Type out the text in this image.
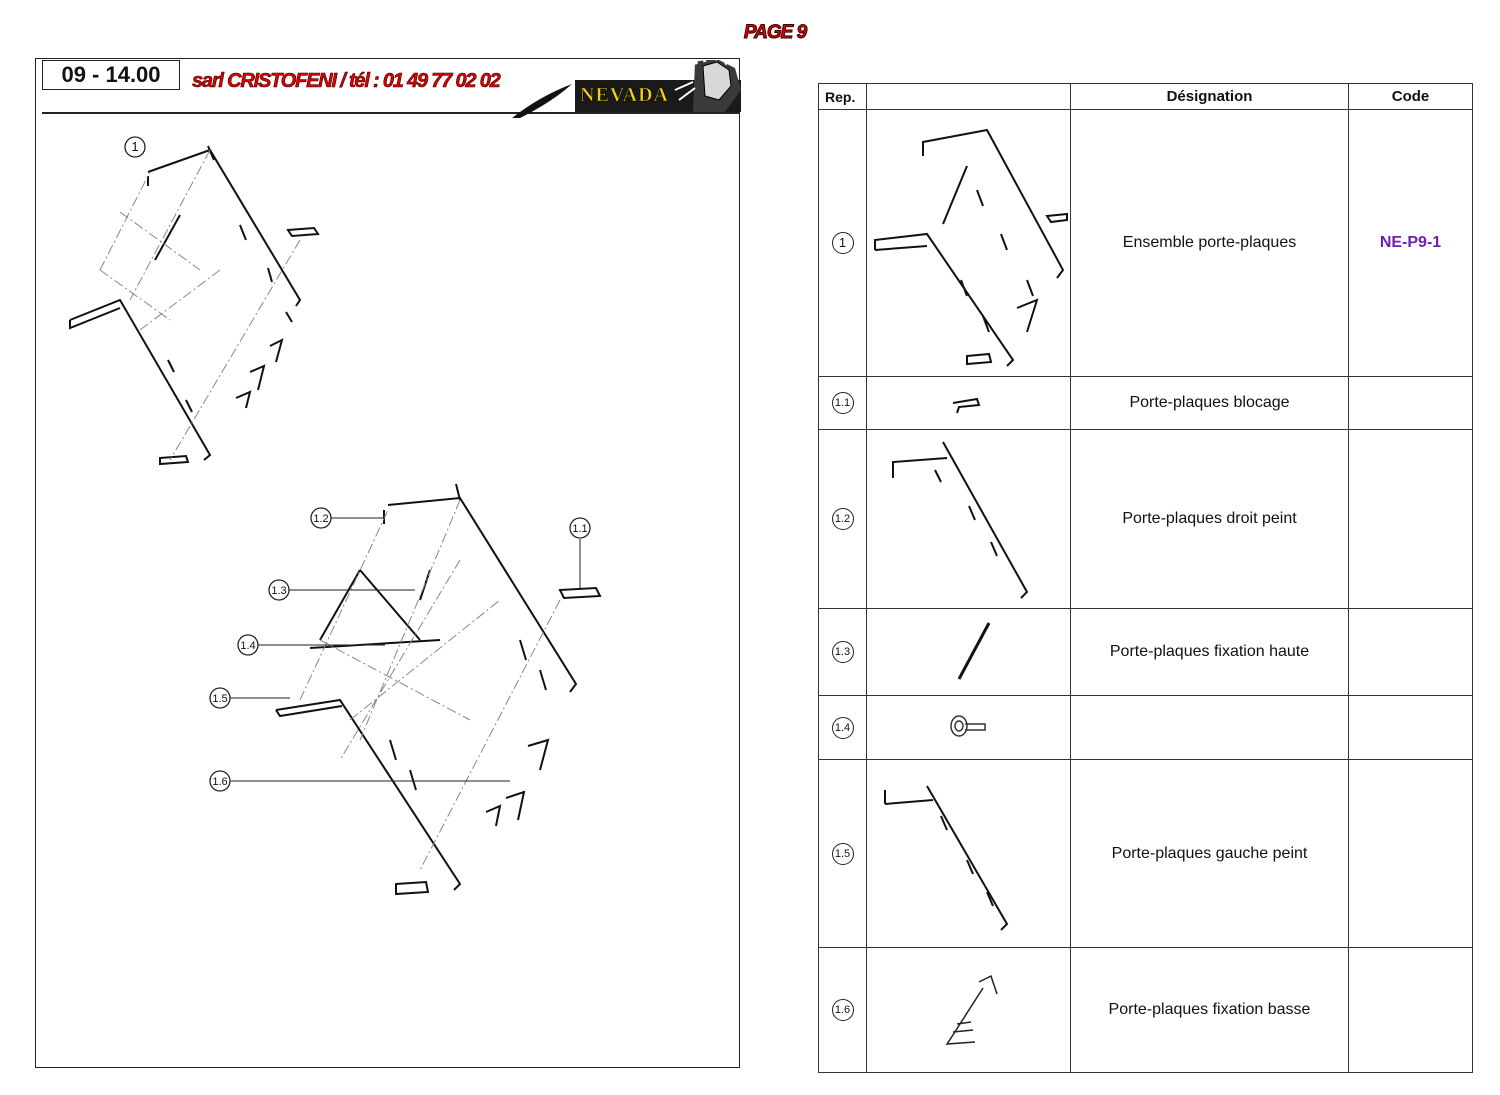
PAGE 9
09 - 14.00	sarl CRISTOFENI / tél : 01 49 77 02 02
NEVADA
1
1.2
1.3
1.4
1.5
1.6
1.1
Rep.		Désignation	Code
1		Ensemble porte-plaques	NE-P9-1
1.1		Porte-plaques blocage	
1.2		Porte-plaques droit peint	
1.3		Porte-plaques fixation haute	
1.4	

1.5		Porte-plaques gauche peint	
1.6		Porte-plaques fixation basse	
